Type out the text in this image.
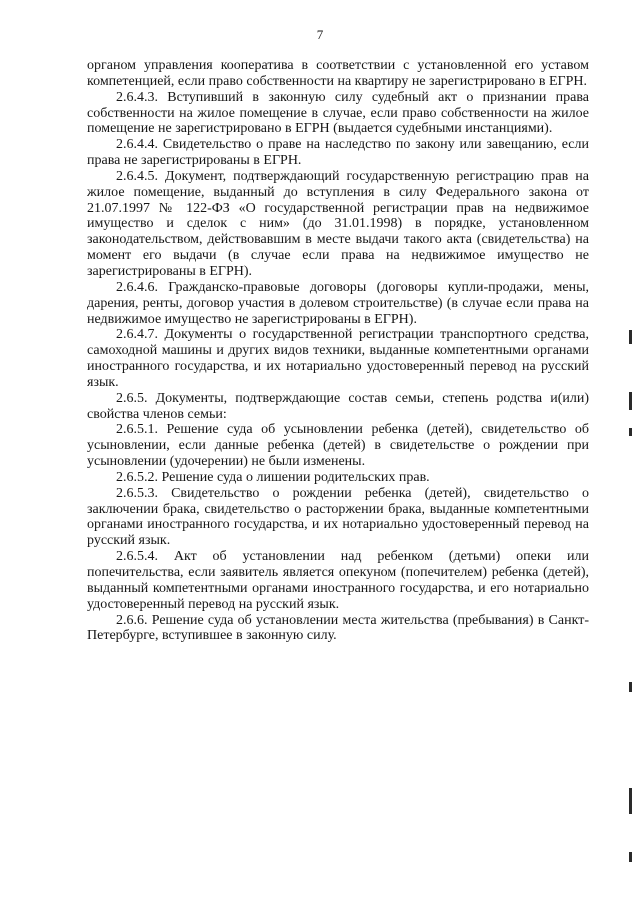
7

органом управления кооператива в соответствии с установленной его уставом компетенцией, если право собственности на квартиру не зарегистрировано в ЕГРН.

2.6.4.3. Вступивший в законную силу судебный акт о признании права собственности на жилое помещение в случае, если право собственности на жилое помещение не зарегистрировано в ЕГРН (выдается судебными инстанциями).

2.6.4.4. Свидетельство о праве на наследство по закону или завещанию, если права не зарегистрированы в ЕГРН.

2.6.4.5. Документ, подтверждающий государственную регистрацию прав на жилое помещение, выданный до вступления в силу Федерального закона от 21.07.1997 № 122-ФЗ «О государственной регистрации прав на недвижимое имущество и сделок с ним» (до 31.01.1998) в порядке, установленном законодательством, действовавшим в месте выдачи такого акта (свидетельства) на момент его выдачи (в случае если права на недвижимое имущество не зарегистрированы в ЕГРН).

2.6.4.6. Гражданско-правовые договоры (договоры купли-продажи, мены, дарения, ренты, договор участия в долевом строительстве) (в случае если права на недвижимое имущество не зарегистрированы в ЕГРН).

2.6.4.7. Документы о государственной регистрации транспортного средства, самоходной машины и других видов техники, выданные компетентными органами иностранного государства, и их нотариально удостоверенный перевод на русский язык.

2.6.5. Документы, подтверждающие состав семьи, степень родства и(или) свойства членов семьи:

2.6.5.1. Решение суда об усыновлении ребенка (детей), свидетельство об усыновлении, если данные ребенка (детей) в свидетельстве о рождении при усыновлении (удочерении) не были изменены.

2.6.5.2. Решение суда о лишении родительских прав.

2.6.5.3. Свидетельство о рождении ребенка (детей), свидетельство о заключении брака, свидетельство о расторжении брака, выданные компетентными органами иностранного государства, и их нотариально удостоверенный перевод на русский язык.

2.6.5.4. Акт об установлении над ребенком (детьми) опеки или попечительства, если заявитель является опекуном (попечителем) ребенка (детей), выданный компетентными органами иностранного государства, и его нотариально удостоверенный перевод на русский язык.

2.6.6. Решение суда об установлении места жительства (пребывания) в Санкт-Петербурге, вступившее в законную силу.
